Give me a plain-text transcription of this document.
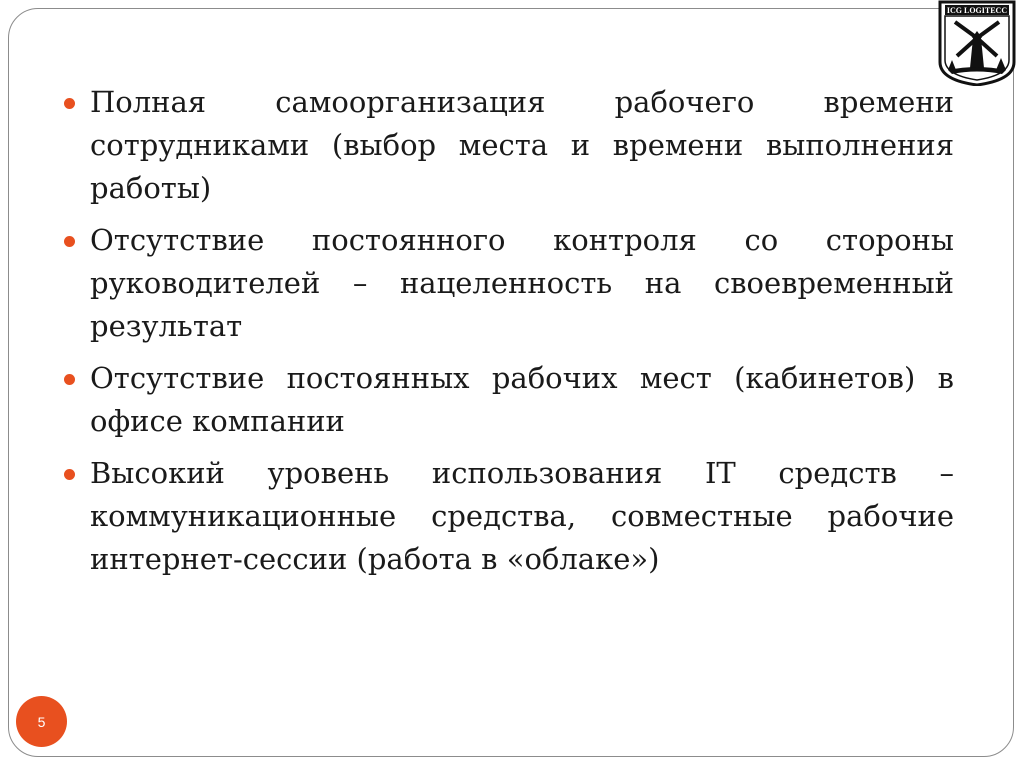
ICG LOGITECC
Полная самоорганизация рабочего времени сотрудниками (выбор места и времени выполнения работы)
Отсутствие постоянного контроля со стороны руководителей – нацеленность на своевременный результат
Отсутствие постоянных рабочих мест (кабинетов) в офисе компании
Высокий уровень использования IT средств – коммуникационные средства, совместные рабочие интернет-сессии (работа в «облаке»)
5
